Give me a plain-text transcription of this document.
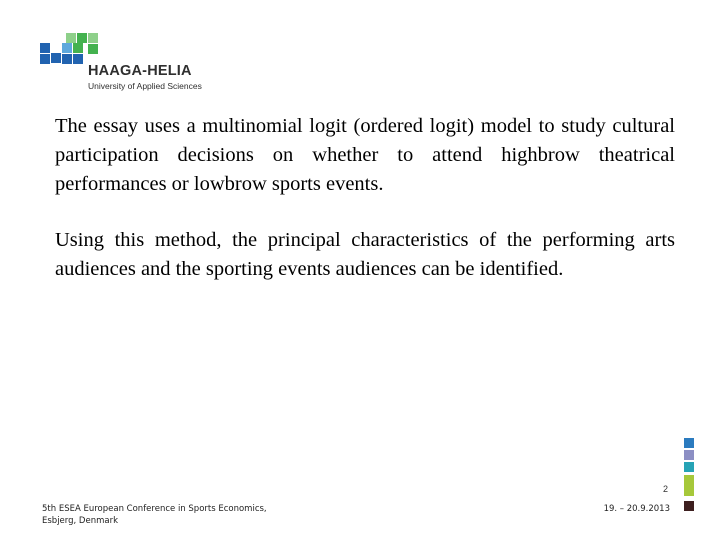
HAAGA-HELIA
University of Applied Sciences

The essay uses a multinomial logit (ordered logit) model to study cultural participation decisions on whether to attend highbrow theatrical performances or lowbrow sports events.

Using this method, the principal characteristics of the performing arts audiences and the sporting events audiences can be identified.

2
5th ESEA European Conference in Sports Economics, Esbjerg, Denmark
19. – 20.9.2013
